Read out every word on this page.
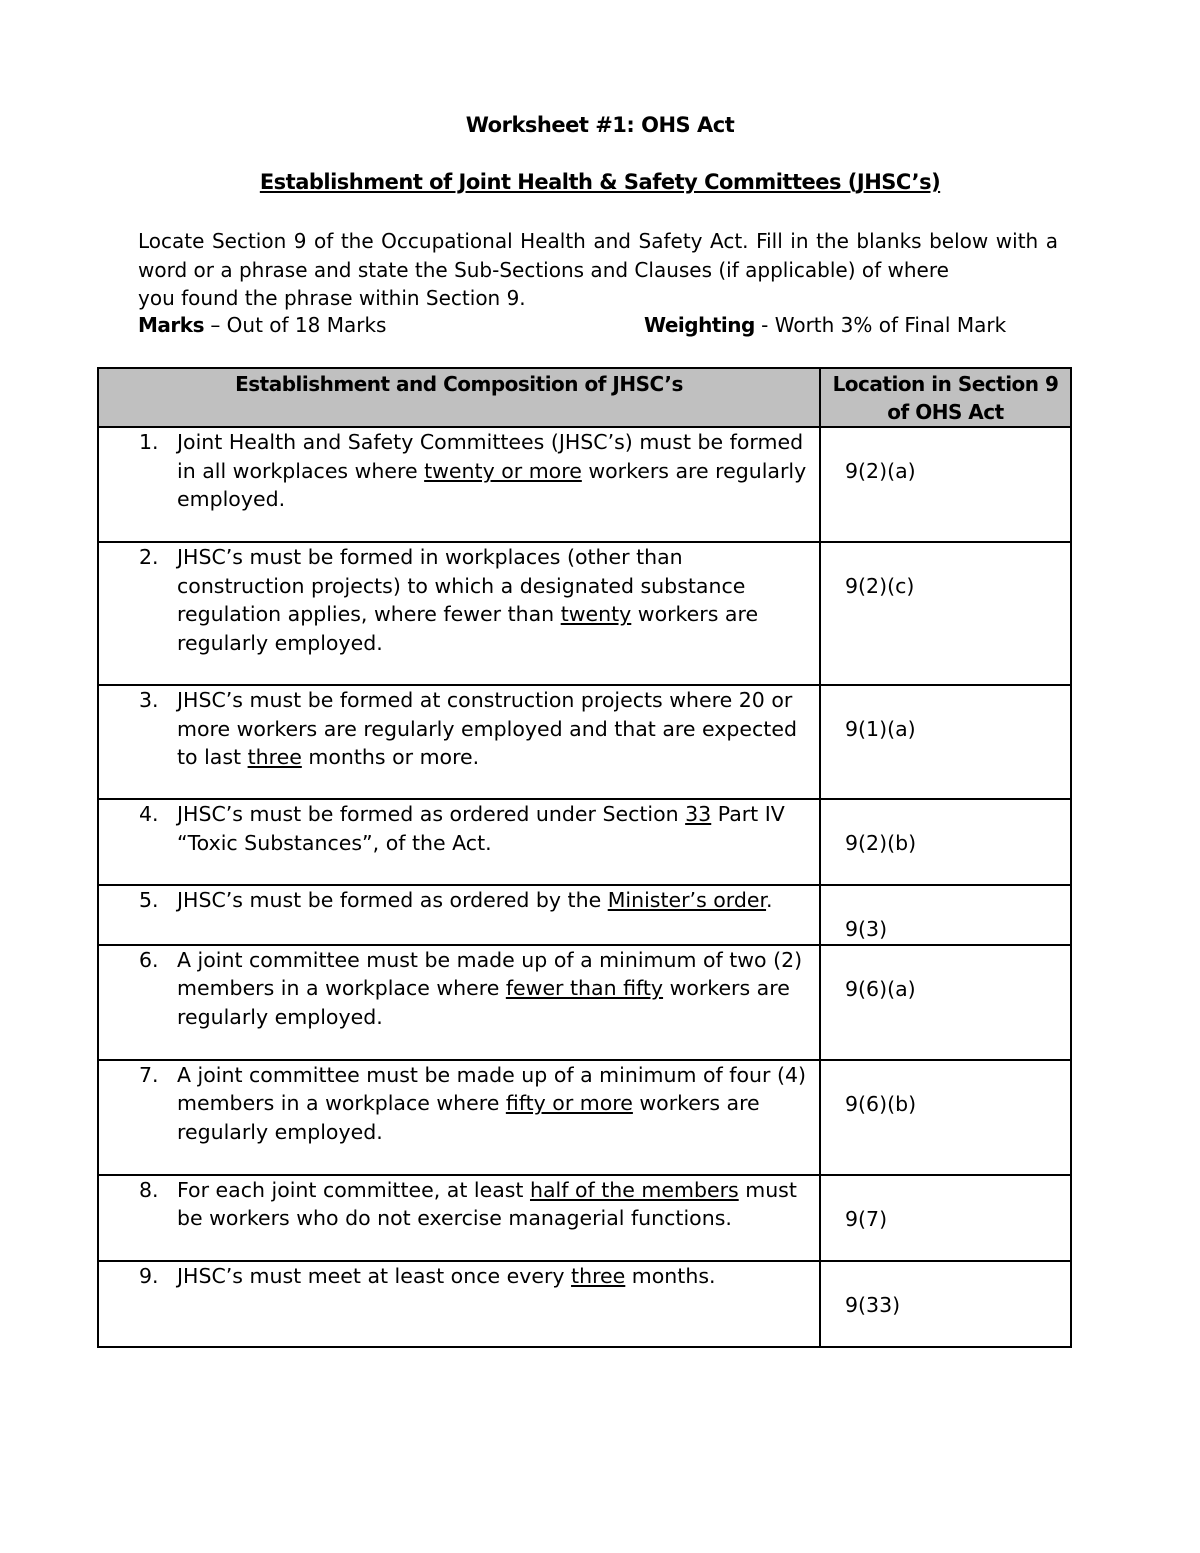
Worksheet #1: OHS Act
Establishment of Joint Health & Safety Committees (JHSC’s)

Locate Section 9 of the Occupational Health and Safety Act. Fill in the blanks below with a word or a phrase and state the Sub-Sections and Clauses (if applicable) of where

you found the phrase within Section 9.

Marks – Out of 18 Marks	Weighting - Worth 3% of Final Mark
Establishment and Composition of JHSC’s	Location in Section 9 of OHS Act

1. Joint Health and Safety Committees (JHSC’s) must be formed in all workplaces where twenty or more workers are regularly employed.	9(2)(a)

2. JHSC’s must be formed in workplaces (other than construction projects) to which a designated substance regulation applies, where fewer than twenty workers are regularly employed.	9(2)(c)

3. JHSC’s must be formed at construction projects where 20 or more workers are regularly employed and that are expected to last three months or more.	9(1)(a)

4. JHSC’s must be formed as ordered under Section 33 Part IV “Toxic Substances”, of the Act.	9(2)(b)

5. JHSC’s must be formed as ordered by the Minister’s order.	9(3)

6. A joint committee must be made up of a minimum of two (2) members in a workplace where fewer than fifty workers are regularly employed.	9(6)(a)

7. A joint committee must be made up of a minimum of four (4) members in a workplace where fifty or more workers are regularly employed.	9(6)(b)

8. For each joint committee, at least half of the members must be workers who do not exercise managerial functions.	9(7)

9. JHSC’s must meet at least once every three months.	9(33)
